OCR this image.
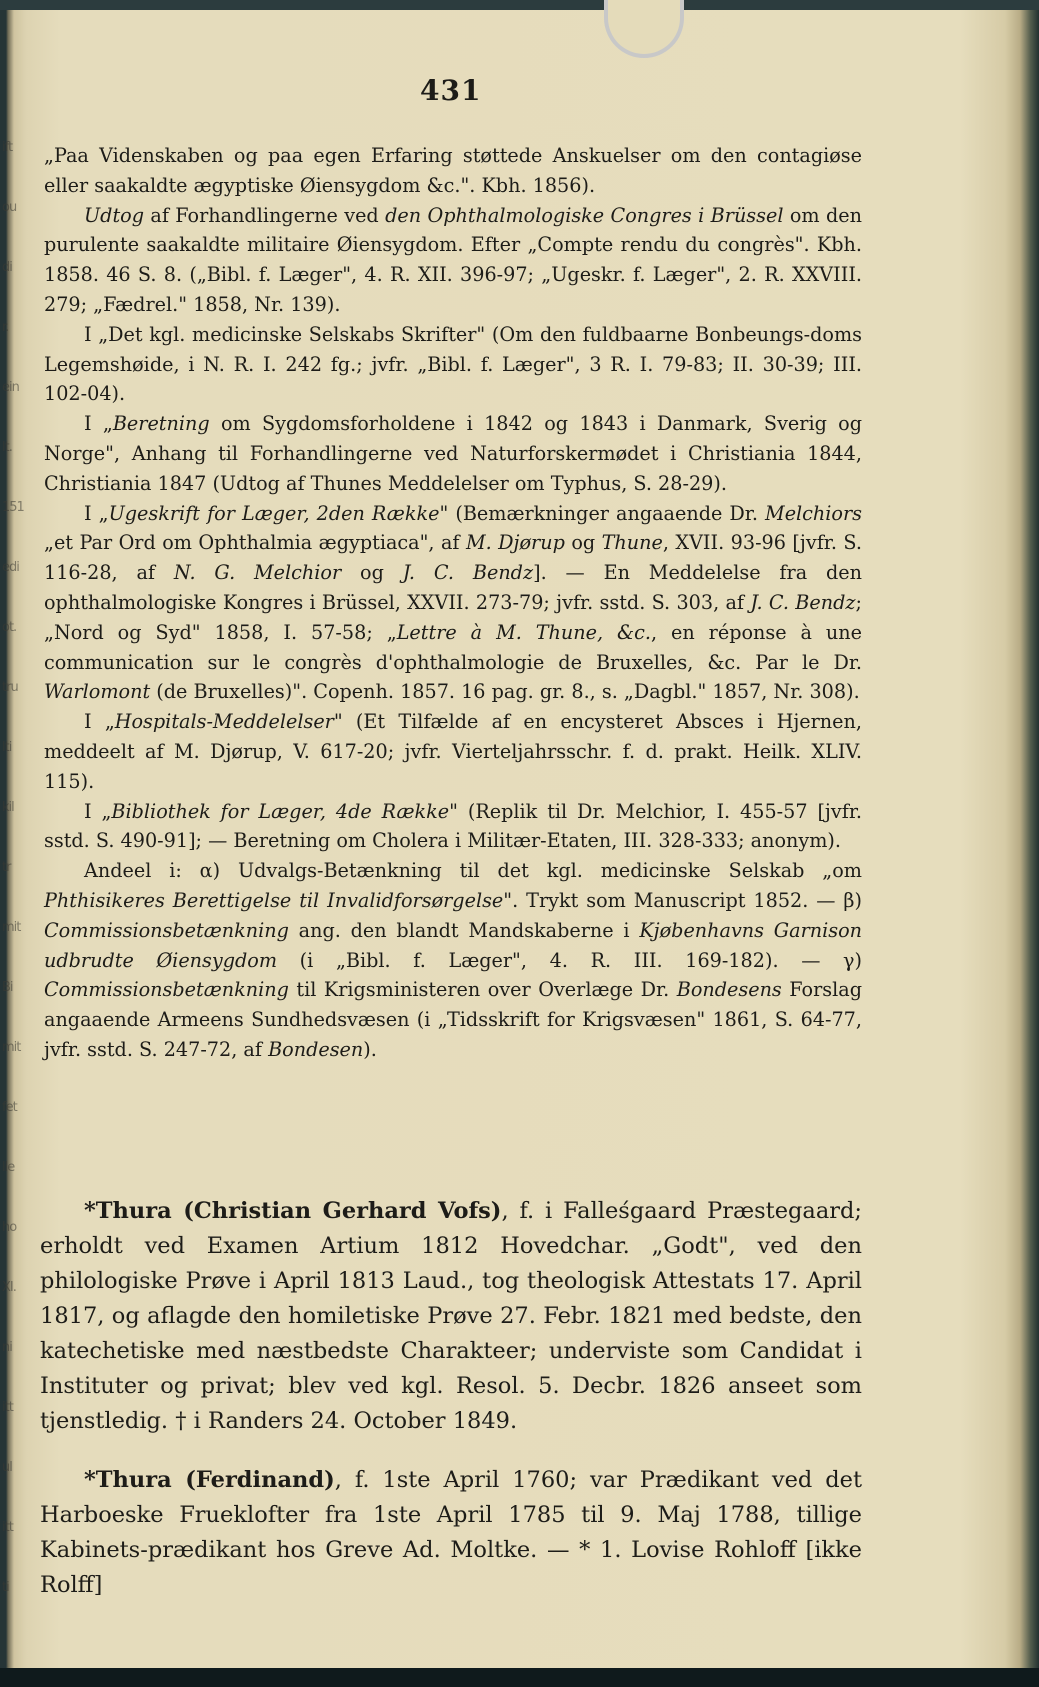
ift
ou
di
r.
ein
lt.
151
edi
ot.
tru
lti
kil
tr
mit
Bi
mit
fet
lle
ho
XI.
ni
itt
ul
itt
ti
431

„Paa Videnskaben og paa egen Erfaring støttede Anskuelser om den contagiøse eller saakaldte ægyptiske Øiensygdom &c.". Kbh. 1856).

Udtog af Forhandlingerne ved den Ophthalmologiske Congres i Brüssel om den purulente saakaldte militaire Øiensygdom. Efter „Compte rendu du congrès". Kbh. 1858. 46 S. 8. („Bibl. f. Læger", 4. R. XII. 396-97; „Ugeskr. f. Læger", 2. R. XXVIII. 279; „Fædrel." 1858, Nr. 139).

I „Det kgl. medicinske Selskabs Skrifter" (Om den fuldbaarne Bonbeungs-doms Legemshøide, i N. R. I. 242 fg.; jvfr. „Bibl. f. Læger", 3 R. I. 79-83; II. 30-39; III. 102-04).

I „Beretning om Sygdomsforholdene i 1842 og 1843 i Danmark, Sverig og Norge", Anhang til Forhandlingerne ved Naturforskermødet i Christiania 1844, Christiania 1847 (Udtog af Thunes Meddelelser om Typhus, S. 28-29).

I „Ugeskrift for Læger, 2den Række" (Bemærkninger angaaende Dr. Melchiors „et Par Ord om Ophthalmia ægyptiaca", af M. Djørup og Thune, XVII. 93-96 [jvfr. S. 116-28, af N. G. Melchior og J. C. Bendz]. — En Meddelelse fra den ophthalmologiske Kongres i Brüssel, XXVII. 273-79; jvfr. sstd. S. 303, af J. C. Bendz; „Nord og Syd" 1858, I. 57-58; „Lettre à M. Thune, &c., en réponse à une communication sur le congrès d'ophthalmologie de Bruxelles, &c. Par le Dr. Warlomont (de Bruxelles)". Copenh. 1857. 16 pag. gr. 8., s. „Dagbl." 1857, Nr. 308).

I „Hospitals-Meddelelser" (Et Tilfælde af en encysteret Absces i Hjernen, meddeelt af M. Djørup, V. 617-20; jvfr. Vierteljahrsschr. f. d. prakt. Heilk. XLIV. 115).

I „Bibliothek for Læger, 4de Række" (Replik til Dr. Melchior, I. 455-57 [jvfr. sstd. S. 490-91]; — Beretning om Cholera i Militær-Etaten, III. 328-333; anonym).

Andeel i: α) Udvalgs-Betænkning til det kgl. medicinske Selskab „om Phthisikeres Berettigelse til Invalidforsørgelse". Trykt som Manuscript 1852. — β) Commissionsbetænkning ang. den blandt Mandskaberne i Kjøbenhavns Garnison udbrudte Øiensygdom (i „Bibl. f. Læger", 4. R. III. 169-182). — γ) Commissionsbetænkning til Krigsministeren over Overlæge Dr. Bondesens Forslag angaaende Armeens Sundhedsvæsen (i „Tidsskrift for Krigsvæsen" 1861, S. 64-77, jvfr. sstd. S. 247-72, af Bondesen).

*Thura (Christian Gerhard Vofs), f. i Falleśgaard Præstegaard; erholdt ved Examen Artium 1812 Hovedchar. „Godt", ved den philologiske Prøve i April 1813 Laud., tog theologisk Attestats 17. April 1817, og aflagde den homiletiske Prøve 27. Febr. 1821 med bedste, den katechetiske med næstbedste Charakteer; underviste som Candidat i Instituter og privat; blev ved kgl. Resol. 5. Decbr. 1826 anseet som tjenstledig. † i Randers 24. October 1849.

*Thura (Ferdinand), f. 1ste April 1760; var Prædikant ved det Harboeske Frueklofter fra 1ste April 1785 til 9. Maj 1788, tillige Kabinets-prædikant hos Greve Ad. Moltke. — * 1. Lovise Rohloff [ikke Rolff]
